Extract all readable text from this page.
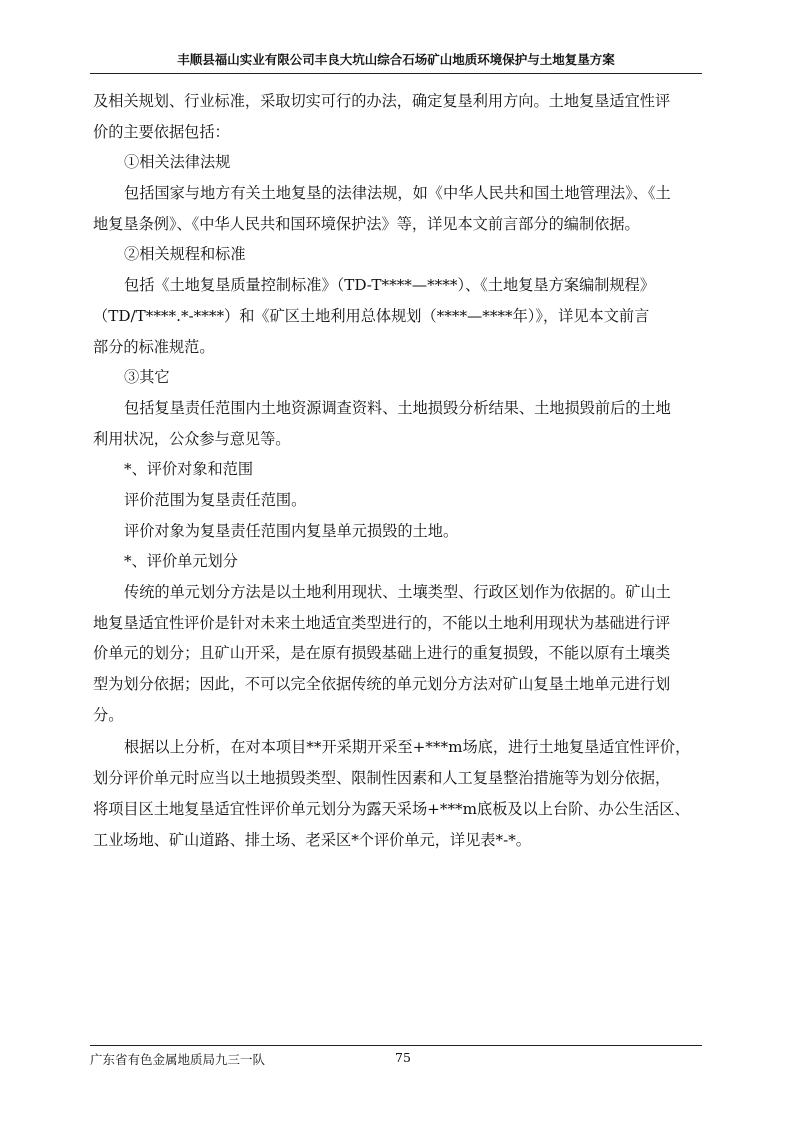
丰顺县福山实业有限公司丰良大坑山综合石场矿山地质环境保护与土地复垦方案
及相关规划、行业标准，采取切实可行的办法，确定复垦利用方向。土地复垦适宜性评
价的主要依据包括：
①相关法律法规
包括国家与地方有关土地复垦的法律法规，如《中华人民共和国土地管理法》、《土
地复垦条例》、《中华人民共和国环境保护法》等，详见本文前言部分的编制依据。
②相关规程和标准
包括《土地复垦质量控制标准》（TD-T****—****）、《土地复垦方案编制规程》
（TD/T****.*-****）和《矿区土地利用总体规划（****—****年）》，详见本文前言
部分的标准规范。
③其它
包括复垦责任范围内土地资源调查资料、土地损毁分析结果、土地损毁前后的土地
利用状况，公众参与意见等。
*、评价对象和范围
评价范围为复垦责任范围。
评价对象为复垦责任范围内复垦单元损毁的土地。
*、评价单元划分
传统的单元划分方法是以土地利用现状、土壤类型、行政区划作为依据的。矿山土
地复垦适宜性评价是针对未来土地适宜类型进行的，不能以土地利用现状为基础进行评
价单元的划分；且矿山开采，是在原有损毁基础上进行的重复损毁，不能以原有土壤类
型为划分依据；因此，不可以完全依据传统的单元划分方法对矿山复垦土地单元进行划
分。
根据以上分析，在对本项目**开采期开采至+***m场底，进行土地复垦适宜性评价，
划分评价单元时应当以土地损毁类型、限制性因素和人工复垦整治措施等为划分依据，
将项目区土地复垦适宜性评价单元划分为露天采场+***m底板及以上台阶、办公生活区、
工业场地、矿山道路、排土场、老采区*个评价单元，详见表*-*。
广东省有色金属地质局九三一队	75
